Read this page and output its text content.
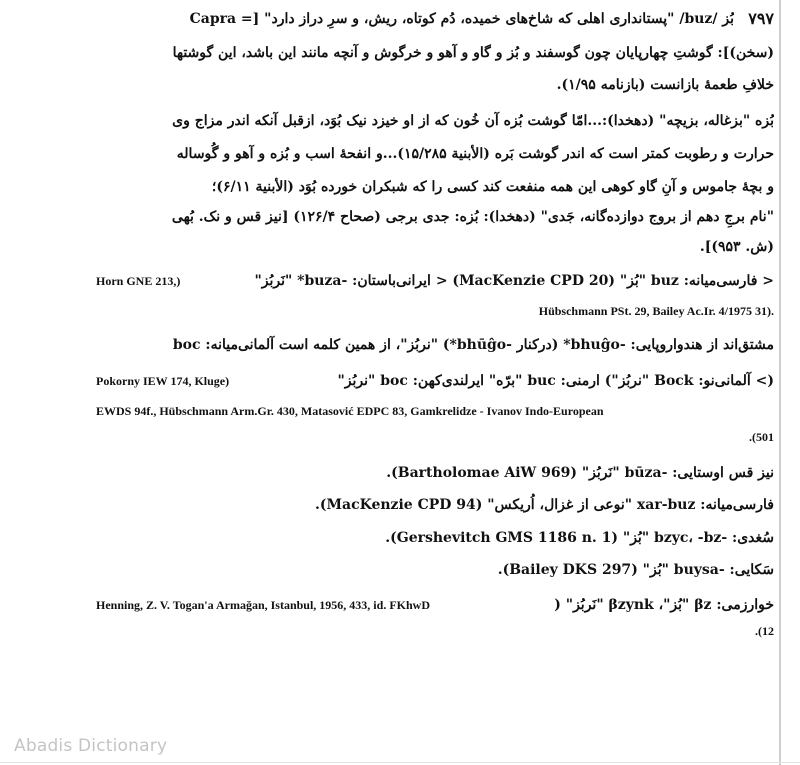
۷۹۷
بُز /buz/ "پستانداری اهلی که شاخ‌های خمیده، دُم کوتاه، ریش، و سرِ دراز دارد" [= Capra
(سخن)]: گوشتِ چهارپایان چون گوسفند و بُز و گاو و آهو و خرگوش و آنچه مانند این باشد، این گوشتها
خلافِ طعمهٔ بازانست (بازنامه ۱/۹۵).
بُزه "بزغاله، بزیچه" (دهخدا):...امّا گوشت بُزه آن خُون که از او خیزد نیک بُوَد، ازقبل آنکه اندر مزاج وی
حرارت و رطوبت کمتر است که اندر گوشت بَره (الأبنیة ۱۵/۲۸۵)...و انفحهٔ اسب و بُزه و آهو و گُوساله
و بچهٔ جاموس و آنِ گاو کوهی این همه منفعت کند کسی را که شبکران خورده بُوَد (الأبنیة ۶/۱۱)؛
"نام برجِ دهم از بروج دوازده‌گانه، جَدی" (دهخدا): بُزه: جدی برجی (صحاح ۱۲۶/۴) [نیز قس و نک. بُهی
(ش. ۹۵۳)].
Horn GNE 213,)	< فارسی‌میانه: buz "بُز" (MacKenzie CPD 20) < ایرانی‌باستان: -buza* "نَربُز"
Hübschmann PSt. 29, Bailey Ac.Ir. 4/1975 31).
مشتق‌اند از هندواروپایی: -bhuĝo* (درکنار -bhūĝo*) "نربُز"، از همین کلمه است آلمانی‌میانه: boc
Pokorny IEW 174, Kluge)	(> آلمانی‌نو: Bock "نربُز") ارمنی: buc "برّه" ایرلندی‌کهن: boc "نربُز"
EWDS 94f., Hübschmann Arm.Gr. 430, Matasović EDPC 83, Gamkrelidze - Ivanov Indo-European
.(501
نیز قس اوستایی: -būza "نَربُز" (Bartholomae AiW 969).
فارسی‌میانه: xar-buz "نوعی از غزال، اُریکس" (MacKenzie CPD 94).
سُغدی: -bzyc، -bz "بُز" (Gershevitch GMS 1186 n. 1).
سَکایی: -buysa "بُز" (Bailey DKS 297).
Henning, Z. V. Togan'a Armağan, Istanbul, 1956, 433, id. FKhwD	خوارزمی: βz "بُز"، βzynk "نَربُز" (
.(12
Abadis Dictionary
